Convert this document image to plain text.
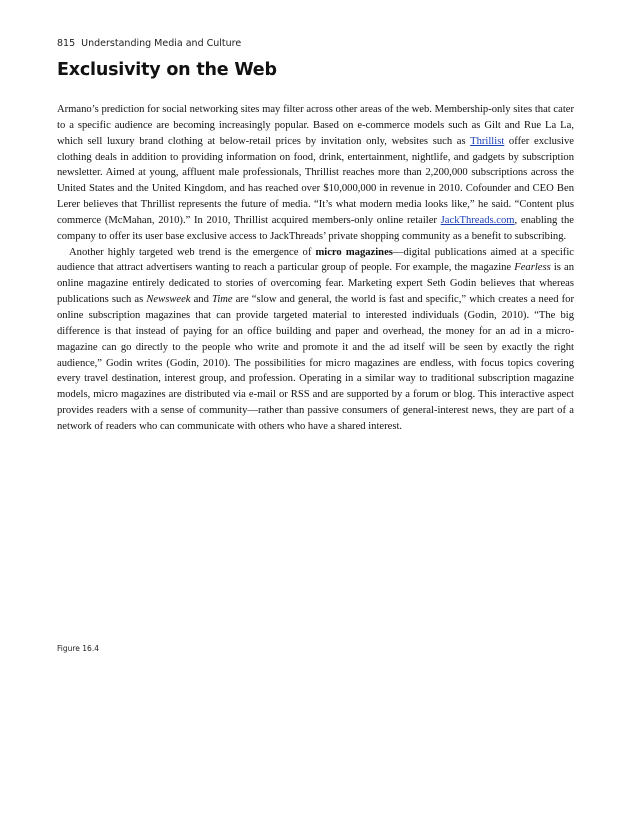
815 Understanding Media and Culture
Exclusivity on the Web

Armano’s prediction for social networking sites may filter across other areas of the web. Membership-only sites that cater to a specific audience are becoming increasingly popular. Based on e-commerce models such as Gilt and Rue La La, which sell luxury brand clothing at below-retail prices by invitation only, websites such as Thrillist offer exclusive clothing deals in addition to providing information on food, drink, entertainment, nightlife, and gadgets by subscription newsletter. Aimed at young, affluent male professionals, Thrillist reaches more than 2,200,000 subscriptions across the United States and the United Kingdom, and has reached over $10,000,000 in revenue in 2010. Cofounder and CEO Ben Lerer believes that Thrillist represents the future of media. “It’s what modern media looks like,” he said. “Content plus commerce (McMahan, 2010).” In 2010, Thrillist acquired members-only online retailer JackThreads.com, enabling the company to offer its user base exclusive access to JackThreads’ private shopping community as a benefit to subscribing.

Another highly targeted web trend is the emergence of micro magazines—digital publications aimed at a specific audience that attract advertisers wanting to reach a particular group of people. For example, the magazine Fearless is an online magazine entirely dedicated to stories of overcoming fear. Marketing expert Seth Godin believes that whereas publications such as Newsweek and Time are “slow and general, the world is fast and specific,” which creates a need for online subscription magazines that can provide targeted material to interested individuals (Godin, 2010). “The big difference is that instead of paying for an office building and paper and overhead, the money for an ad in a micro-magazine can go directly to the people who write and promote it and the ad itself will be seen by exactly the right audience,” Godin writes (Godin, 2010). The possibilities for micro magazines are endless, with focus topics covering every travel destination, interest group, and profession. Operating in a similar way to traditional subscription magazine models, micro magazines are distributed via e-mail or RSS and are supported by a forum or blog. This interactive aspect provides readers with a sense of community—rather than passive consumers of general-interest news, they are part of a network of readers who can communicate with others who have a shared interest.

Figure 16.4
